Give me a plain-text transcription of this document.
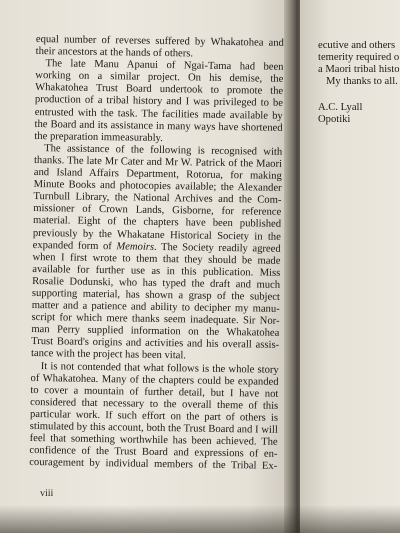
equal number of reverses suffered by Whakatohea and
their ancestors at the hands of others.
The late Manu Apanui of Ngai-Tama had been
working on a similar project. On his demise, the
Whakatohea Trust Board undertook to promote the
production of a tribal history and I was privileged to be
entrusted with the task. The facilities made available by
the Board and its assistance in many ways have shortened
the preparation immeasurably.
The assistance of the following is recognised with
thanks. The late Mr Cater and Mr W. Patrick of the Maori
and Island Affairs Department, Rotorua, for making
Minute Books and photocopies available; the Alexander
Turnbull Library, the National Archives and the Com-
missioner of Crown Lands, Gisborne, for reference
material. Eight of the chapters have been published
previously by the Whakatane Historical Society in the
expanded form of Memoirs. The Society readily agreed
when I first wrote to them that they should be made
available for further use as in this publication. Miss
Rosalie Dodunski, who has typed the draft and much
supporting material, has shown a grasp of the subject
matter and a patience and ability to decipher my manu-
script for which mere thanks seem inadequate. Sir Nor-
man Perry supplied information on the Whakatohea
Trust Board's origins and activities and his overall assis-
tance with the project has been vital.
It is not contended that what follows is the whole story
of Whakatohea. Many of the chapters could be expanded
to cover a mountain of further detail, but I have not
considered that necessary to the overall theme of this
particular work. If such effort on the part of others is
stimulated by this account, both the Trust Board and I will
feel that something worthwhile has been achieved. The
confidence of the Trust Board and expressions of en-
couragement by individual members of the Tribal Ex-
viii
ecutive and others
temerity required o
a Maori tribal histo
My thanks to all.
A.C. Lyall
Opotiki
